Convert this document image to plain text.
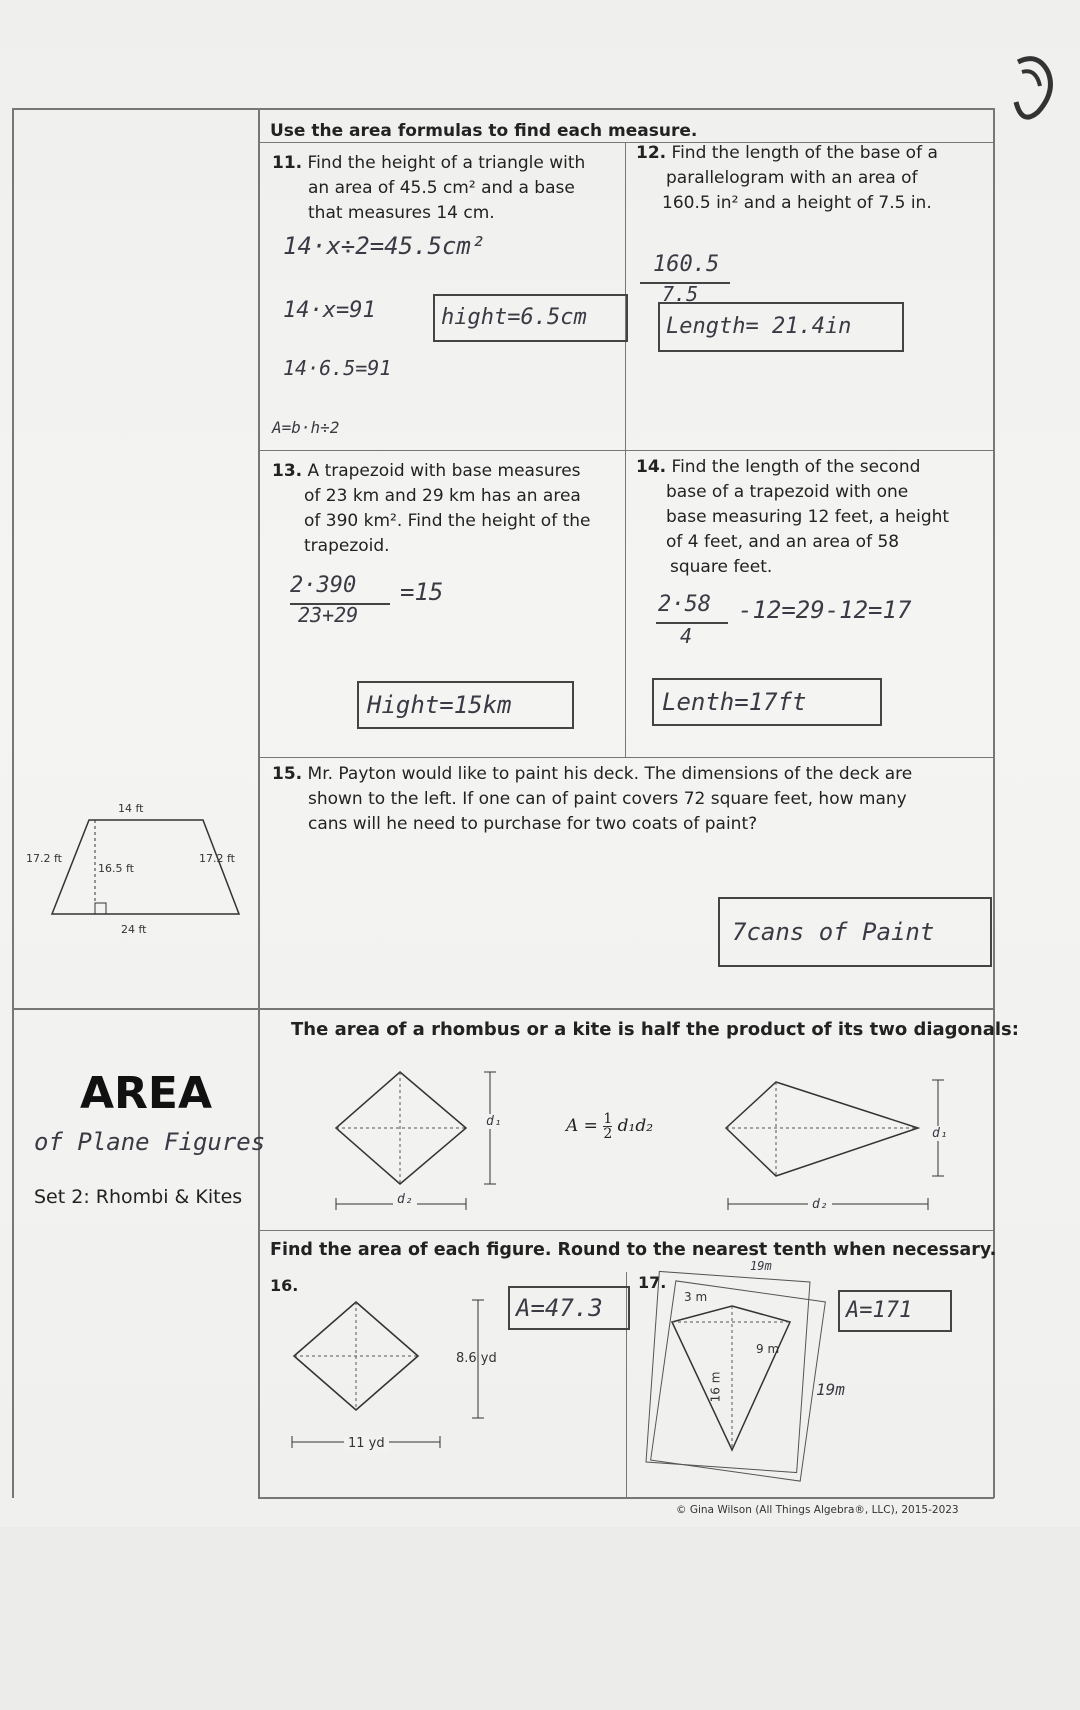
Use the area formulas to find each measure.
11. Find the height of a triangle with
an area of 45.5 cm² and a base
that measures 14 cm.
14·x÷2=45.5cm²
14·x=91
14·6.5=91
A=b·h÷2
hight=6.5cm
12. Find the length of the base of a
parallelogram with an area of
160.5 in² and a height of 7.5 in.
160.5
7.5
Length= 21.4in
13. A trapezoid with base measures
of 23 km and 29 km has an area
of 390 km². Find the height of the
trapezoid.
2·390
23+29
=15
Hight=15km
14. Find the length of the second
base of a trapezoid with one
base measuring 12 feet, a height
of 4 feet, and an area of 58
square feet.
2·58
4
-12=29-12=17
Lenth=17ft
15. Mr. Payton would like to paint his deck. The dimensions of the deck are
shown to the left. If one can of paint covers 72 square feet, how many
cans will he need to purchase for two coats of paint?
7cans of Paint
14 ft
17.2 ft
16.5 ft
17.2 ft
24 ft
AREA
of Plane Figures
Set 2: Rhombi & Kites
The area of a rhombus or a kite is half the product of its two diagonals:
d₁
d₂
$A = \frac{1}{2} d_1d_2$	d₁
d₂
Find the area of each figure. Round to the nearest tenth when necessary.
16.
8.6 yd
11 yd
A=47.3
17.
19m
3 m
9 m
16 m	19m
A=171
© Gina Wilson (All Things Algebra®, LLC), 2015-2023
